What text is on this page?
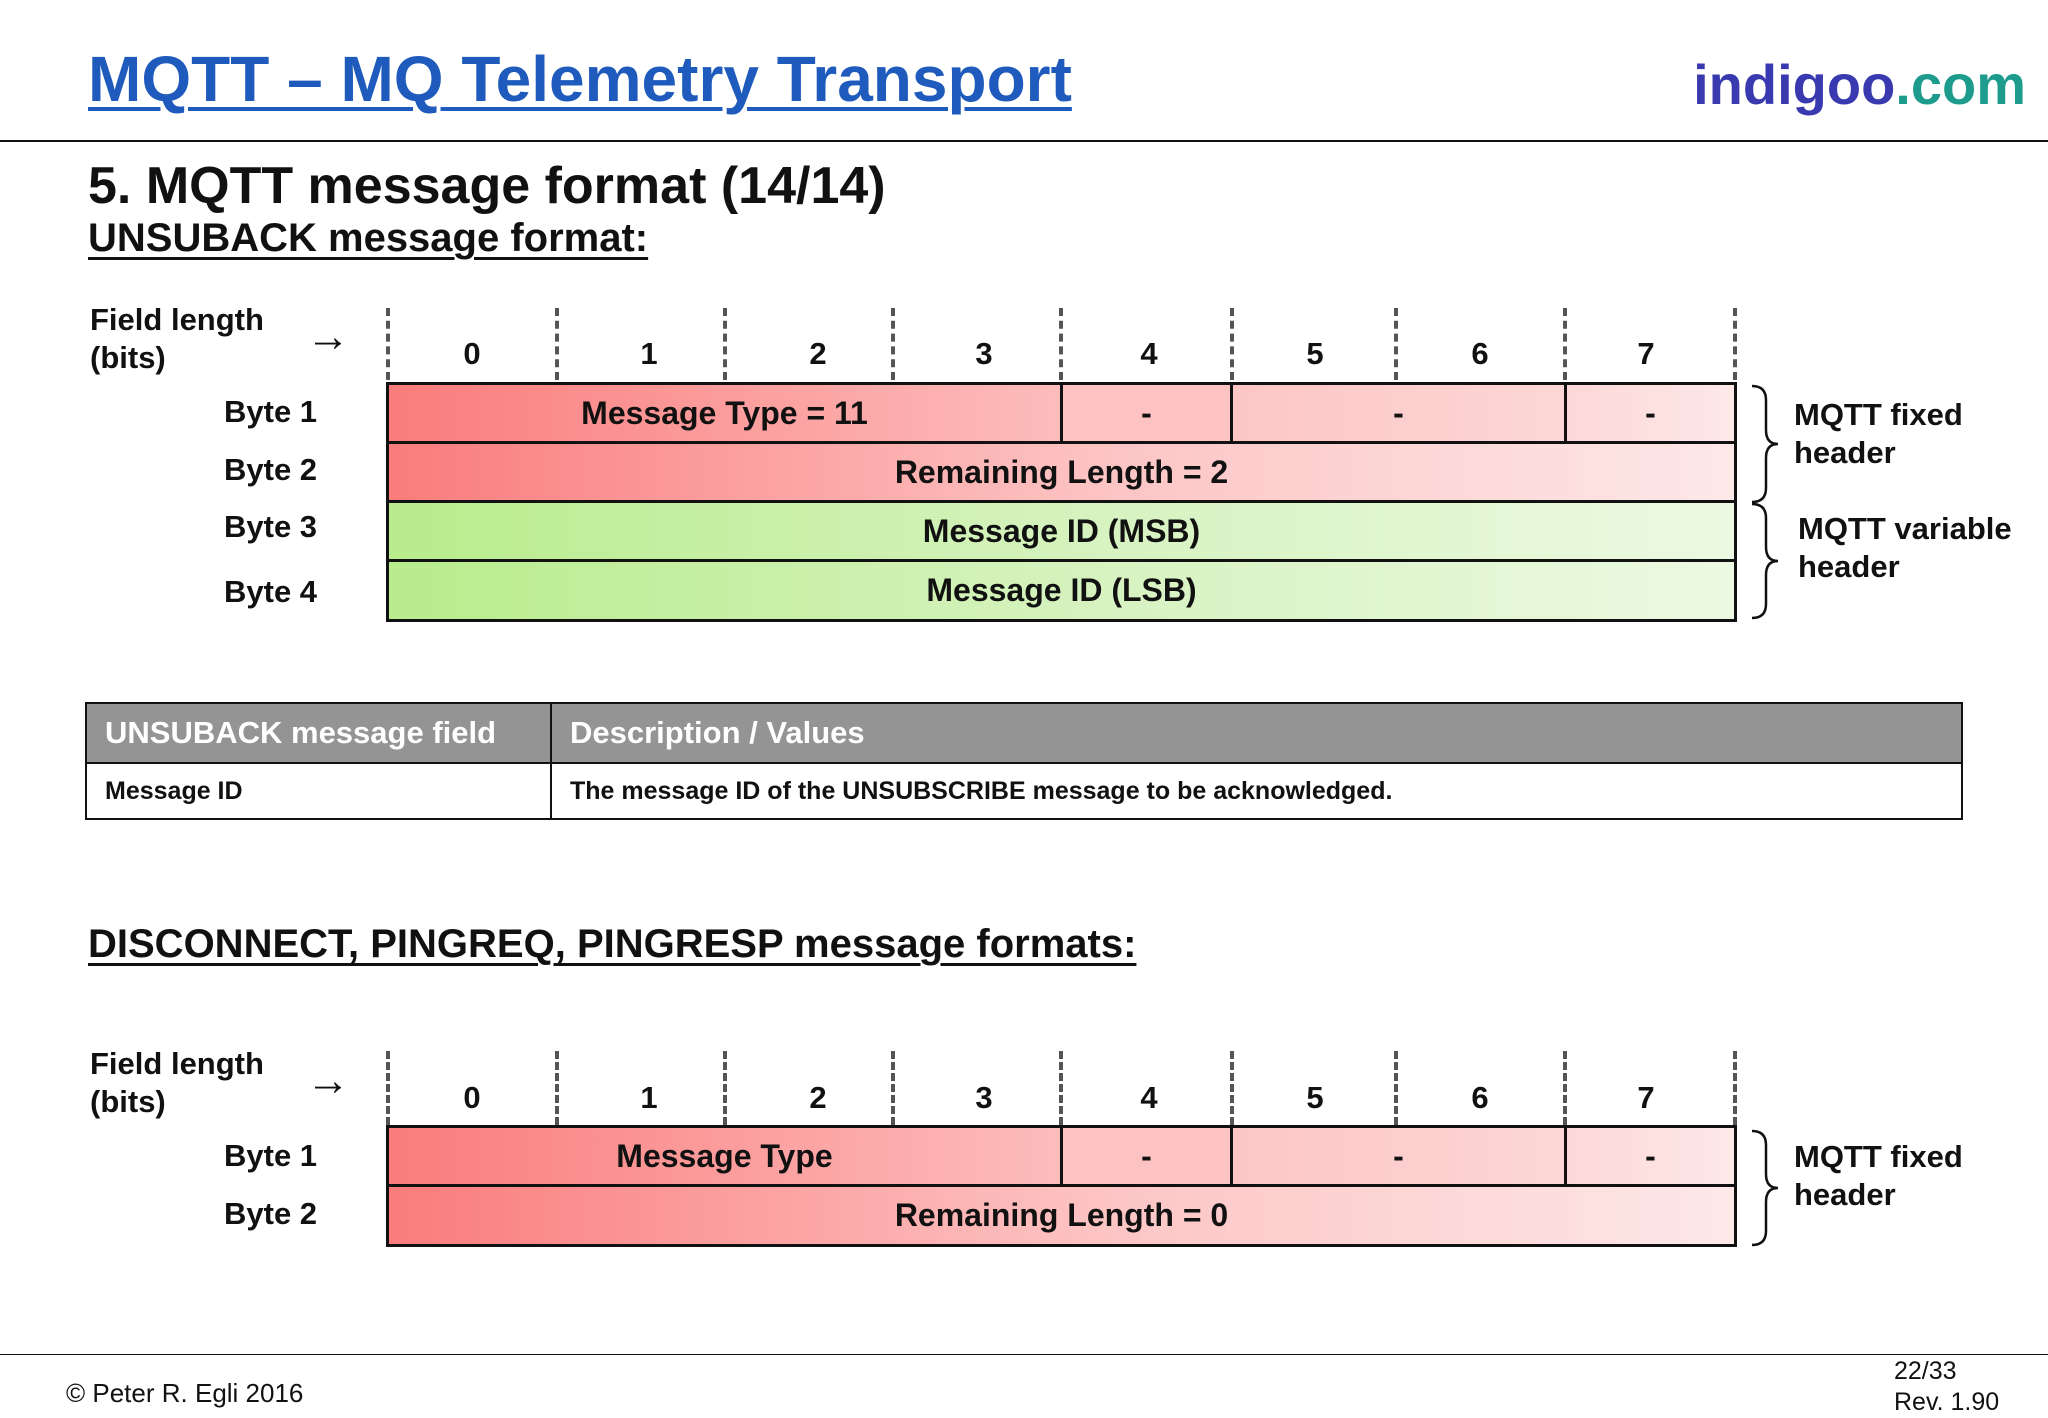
MQTT – MQ Telemetry Transport	indigoo.com
5. MQTT message format (14/14)
UNSUBACK message format:
Field length
(bits)	→	0	1	2	3	4	5	6	7
Byte 1
Byte 2
Byte 3
Byte 4
Message Type = 11	-	-	-
Remaining Length = 2
Message ID (MSB)
Message ID (LSB)
MQTT fixed
header
MQTT variable
header
UNSUBACK message field	Description / Values
Message ID	The message ID of the UNSUBSCRIBE message to be acknowledged.
DISCONNECT, PINGREQ, PINGRESP message formats:
Field length
(bits)	→	0	1	2	3	4	5	6	7
Byte 1
Byte 2
Message Type	-	-	-
Remaining Length = 0
MQTT fixed
header
© Peter R. Egli 2016
22/33
Rev. 1.90
